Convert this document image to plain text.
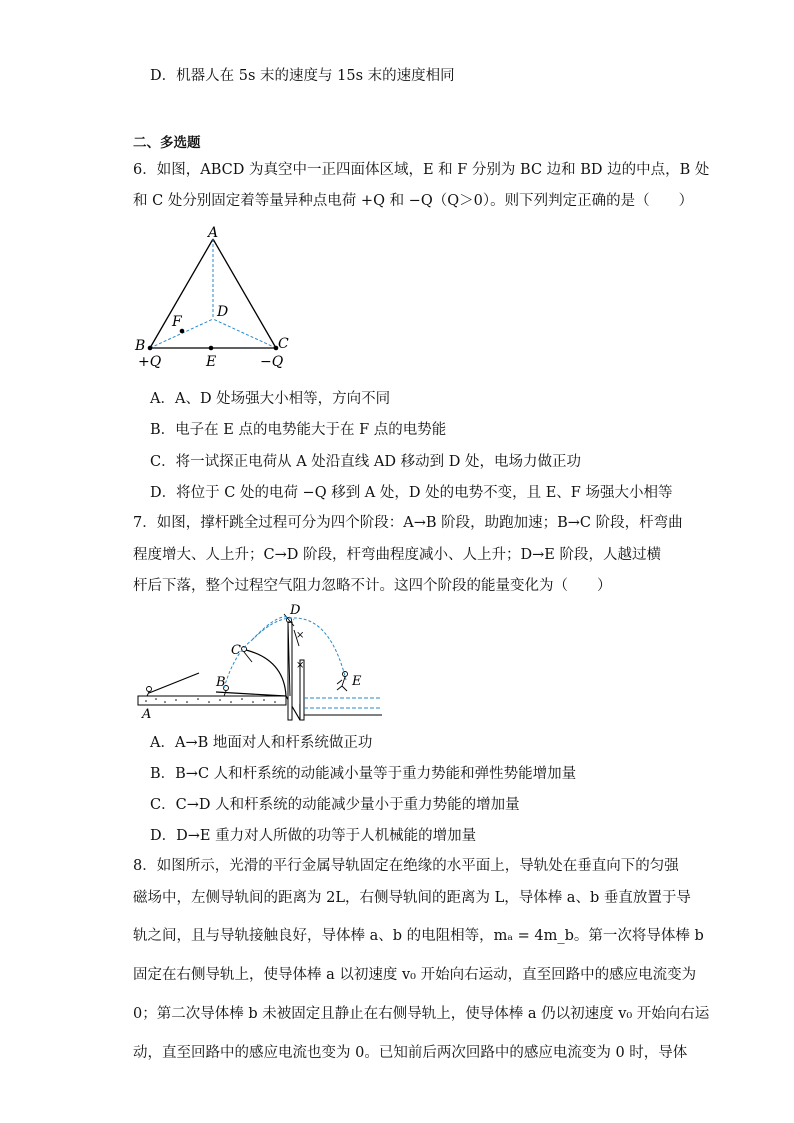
D．机器人在 5s 末的速度与 15s 末的速度相同
二、多选题
6．如图，ABCD 为真空中一正四面体区域，E 和 F 分别为 BC 边和 BD 边的中点，B 处
和 C 处分别固定着等量异种点电荷 +Q 和 −Q（Q＞0）。则下列判定正确的是（　　）
A
D
F
B	C
E
+Q	−Q
A．A、D 处场强大小相等，方向不同
B．电子在 E 点的电势能大于在 F 点的电势能
C．将一试探正电荷从 A 处沿直线 AD 移动到 D 处，电场力做正功
D．将位于 C 处的电荷 −Q 移到 A 处，D 处的电势不变，且 E、F 场强大小相等
7．如图，撑杆跳全过程可分为四个阶段：A→B 阶段，助跑加速；B→C 阶段，杆弯曲
程度增大、人上升；C→D 阶段，杆弯曲程度减小、人上升；D→E 阶段，人越过横
杆后下落，整个过程空气阻力忽略不计。这四个阶段的能量变化为（　　）
×
×
A
B
C
D
E
A．A→B 地面对人和杆系统做正功
B．B→C 人和杆系统的动能减小量等于重力势能和弹性势能增加量
C．C→D 人和杆系统的动能减少量小于重力势能的增加量
D．D→E 重力对人所做的功等于人机械能的增加量
8．如图所示，光滑的平行金属导轨固定在绝缘的水平面上，导轨处在垂直向下的匀强
磁场中，左侧导轨间的距离为 2L，右侧导轨间的距离为 L，导体棒 a、b 垂直放置于导
轨之间，且与导轨接触良好，导体棒 a、b 的电阻相等，mₐ = 4m_b。第一次将导体棒 b
固定在右侧导轨上，使导体棒 a 以初速度 v₀ 开始向右运动，直至回路中的感应电流变为
0；第二次导体棒 b 未被固定且静止在右侧导轨上，使导体棒 a 仍以初速度 v₀ 开始向右运
动，直至回路中的感应电流也变为 0。已知前后两次回路中的感应电流变为 0 时，导体
